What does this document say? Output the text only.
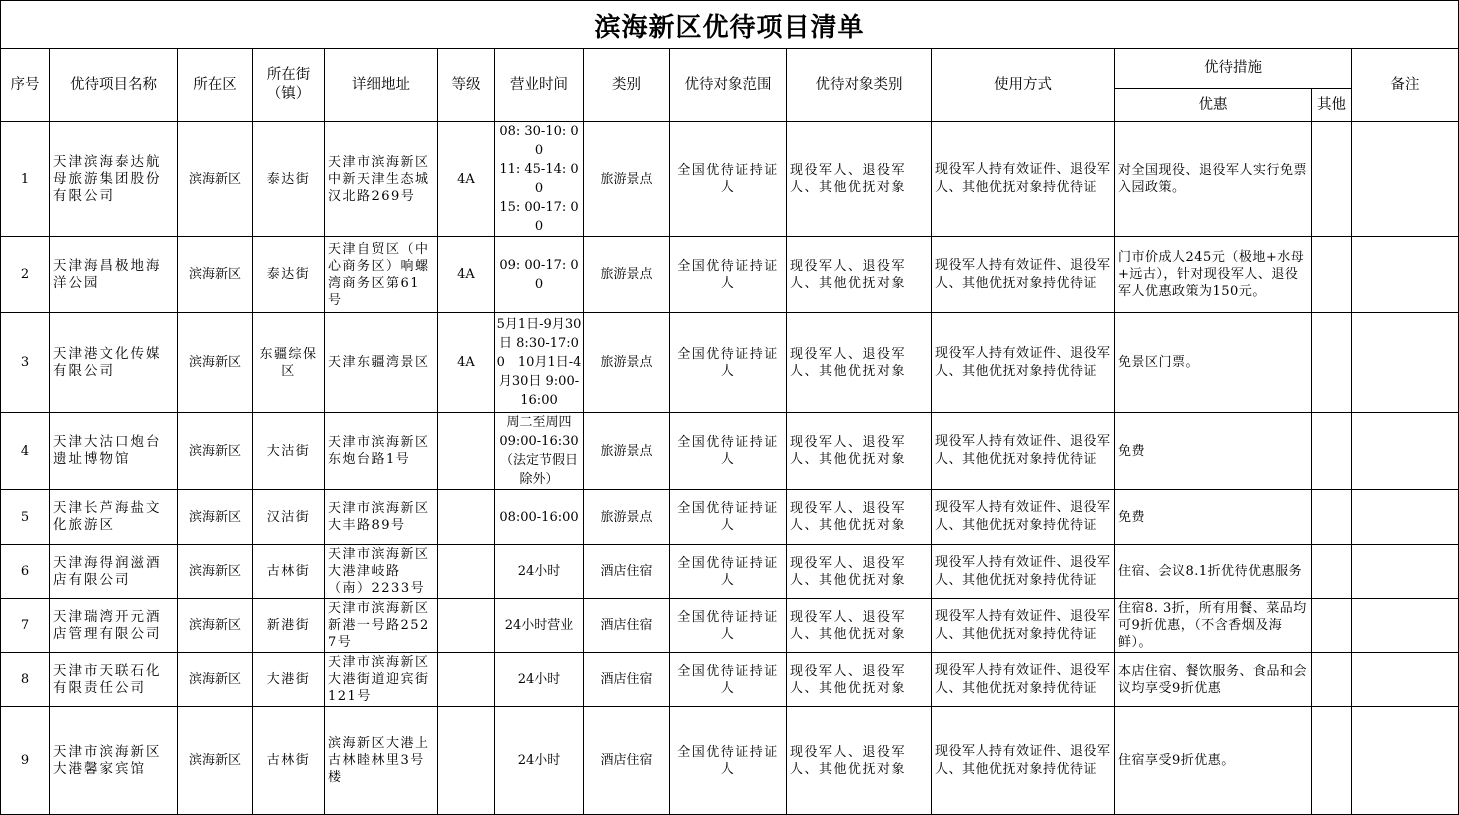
滨海新区优待项目清单
序号	优待项目名称	所在区	所在街（镇）	详细地址	等级	营业时间	类别	优待对象范围	优待对象类别	使用方式	优待措施		备注
											优惠	其他	
1	天津滨海泰达航母旅游集团股份有限公司	滨海新区	泰达街	天津市滨海新区中新天津生态城汉北路269号	4A	08: 30-10: 00
11: 45-14: 00
15: 00-17: 00	旅游景点	全国优待证持证人	现役军人、退役军人、其他优抚对象	现役军人持有效证件、退役军人、其他优抚对象持优待证	对全国现役、退役军人实行免票入园政策。		
2	天津海昌极地海洋公园	滨海新区	泰达街	天津自贸区（中心商务区）响螺湾商务区第61号	4A	09: 00-17: 00	旅游景点	全国优待证持证人	现役军人、退役军人、其他优抚对象	现役军人持有效证件、退役军人、其他优抚对象持优待证	门市价成人245元（极地+水母+远古），针对现役军人、退役军人优惠政策为150元。		
3	天津港文化传媒有限公司	滨海新区	东疆综保区	天津东疆湾景区	4A	5月1日-9月30日 8:30-17:00　10月1日-4月30日 9:00-16:00	旅游景点	全国优待证持证人	现役军人、退役军人、其他优抚对象	现役军人持有效证件、退役军人、其他优抚对象持优待证	免景区门票。		
4	天津大沽口炮台遗址博物馆	滨海新区	大沽街	天津市滨海新区东炮台路1号		周二至周四
09:00-16:30
（法定节假日除外）	旅游景点	全国优待证持证人	现役军人、退役军人、其他优抚对象	现役军人持有效证件、退役军人、其他优抚对象持优待证	免费		
5	天津长芦海盐文化旅游区	滨海新区	汉沽街	天津市滨海新区大丰路89号		08:00-16:00	旅游景点	全国优待证持证人	现役军人、退役军人、其他优抚对象	现役军人持有效证件、退役军人、其他优抚对象持优待证	免费		
6	天津海得润滋酒店有限公司	滨海新区	古林街	天津市滨海新区大港津岐路（南）2233号		24小时	酒店住宿	全国优待证持证人	现役军人、退役军人、其他优抚对象	现役军人持有效证件、退役军人、其他优抚对象持优待证	住宿、会议8.1折优待优惠服务		
7	天津瑞湾开元酒店管理有限公司	滨海新区	新港街	天津市滨海新区新港一号路2527号		24小时营业	酒店住宿	全国优待证持证人	现役军人、退役军人、其他优抚对象	现役军人持有效证件、退役军人、其他优抚对象持优待证	住宿8. 3折，所有用餐、菜品均可9折优惠，（不含香烟及海鲜）。		
8	天津市天联石化有限责任公司	滨海新区	大港街	天津市滨海新区大港街道迎宾街121号		24小时	酒店住宿	全国优待证持证人	现役军人、退役军人、其他优抚对象	现役军人持有效证件、退役军人、其他优抚对象持优待证	本店住宿、餐饮服务、食品和会议均享受9折优惠		
9	天津市滨海新区大港馨家宾馆	滨海新区	古林街	滨海新区大港上古林睦林里3号楼		24小时	酒店住宿	全国优待证持证人	现役军人、退役军人、其他优抚对象	现役军人持有效证件、退役军人、其他优抚对象持优待证	住宿享受9折优惠。		
